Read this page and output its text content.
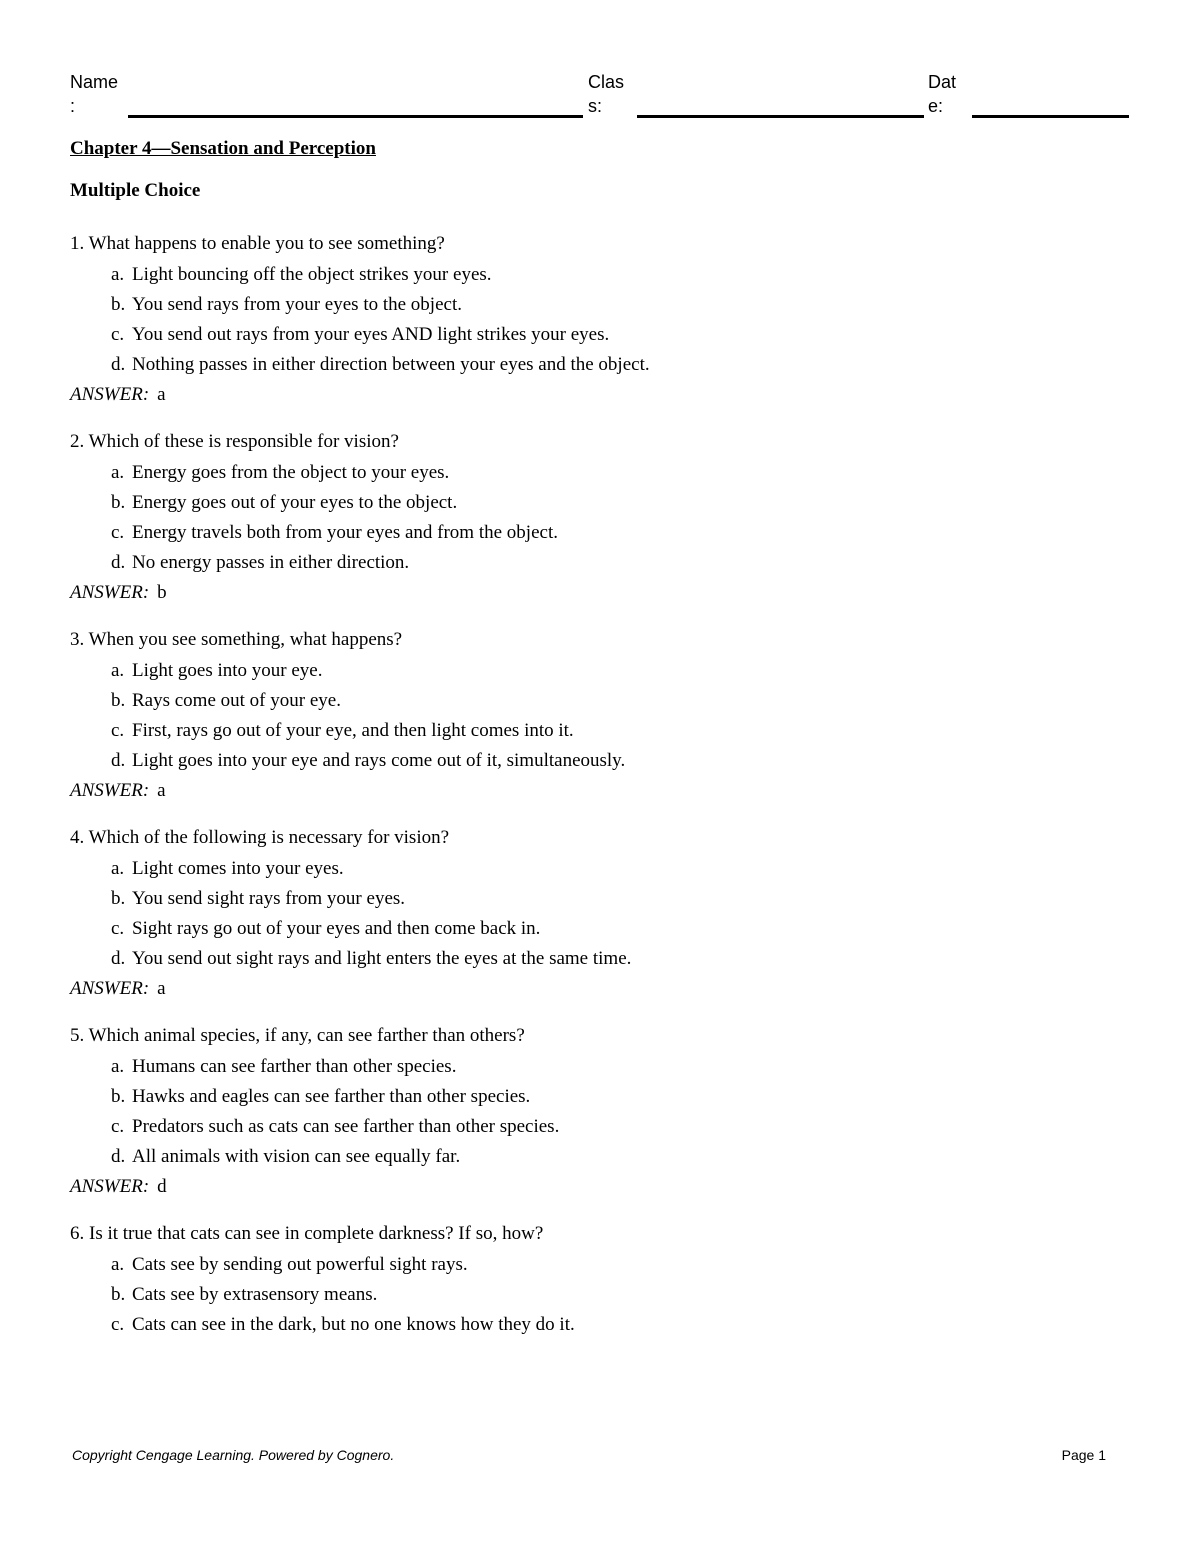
Name
:
Clas
s:
Dat
e:
Chapter 4—Sensation and Perception
Multiple Choice
1. What happens to enable you to see something?
a. Light bouncing off the object strikes your eyes.
b. You send rays from your eyes to the object.
c. You send out rays from your eyes AND light strikes your eyes.
d. Nothing passes in either direction between your eyes and the object.
ANSWER: a
2. Which of these is responsible for vision?
a. Energy goes from the object to your eyes.
b. Energy goes out of your eyes to the object.
c. Energy travels both from your eyes and from the object.
d. No energy passes in either direction.
ANSWER: b
3. When you see something, what happens?
a. Light goes into your eye.
b. Rays come out of your eye.
c. First, rays go out of your eye, and then light comes into it.
d. Light goes into your eye and rays come out of it, simultaneously.
ANSWER: a
4. Which of the following is necessary for vision?
a. Light comes into your eyes.
b. You send sight rays from your eyes.
c. Sight rays go out of your eyes and then come back in.
d. You send out sight rays and light enters the eyes at the same time.
ANSWER: a
5. Which animal species, if any, can see farther than others?
a. Humans can see farther than other species.
b. Hawks and eagles can see farther than other species.
c. Predators such as cats can see farther than other species.
d. All animals with vision can see equally far.
ANSWER: d
6. Is it true that cats can see in complete darkness? If so, how?
a. Cats see by sending out powerful sight rays.
b. Cats see by extrasensory means.
c. Cats can see in the dark, but no one knows how they do it.
Copyright Cengage Learning. Powered by Cognero.	Page 1
